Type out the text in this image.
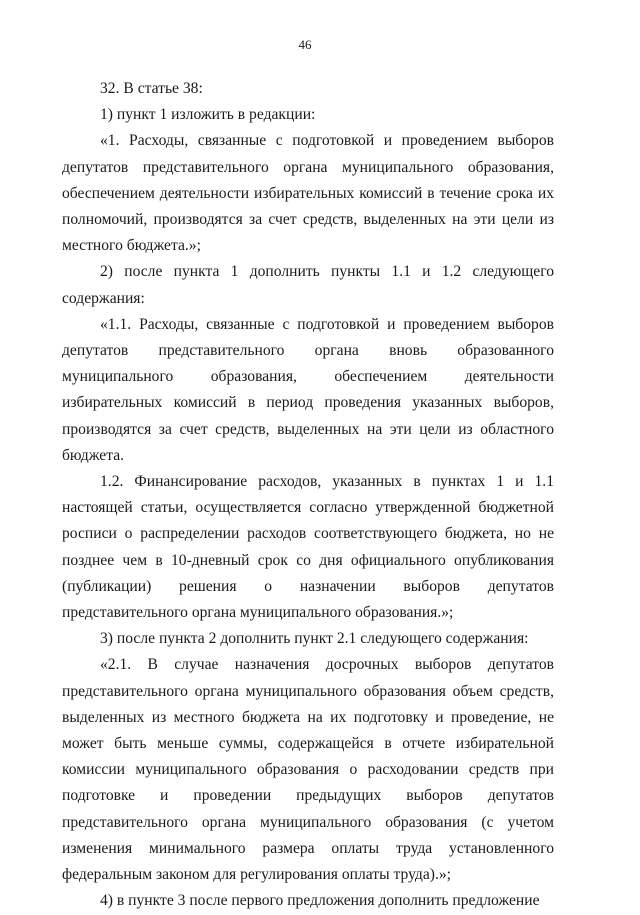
46

32. В статье 38:

1) пункт 1 изложить в редакции:

«1. Расходы, связанные с подготовкой и проведением выборов депутатов представительного органа муниципального образования, обеспечением деятельности избирательных комиссий в течение срока их полномочий, производятся за счет средств, выделенных на эти цели из местного бюджета.»;

2) после пункта 1 дополнить пункты 1.1 и 1.2 следующего содержания:

«1.1. Расходы, связанные с подготовкой и проведением выборов депутатов представительного органа вновь образованного муниципального образования, обеспечением деятельности избирательных комиссий в период проведения указанных выборов, производятся за счет средств, выделенных на эти цели из областного бюджета.

1.2. Финансирование расходов, указанных в пунктах 1 и 1.1 настоящей статьи, осуществляется согласно утвержденной бюджетной росписи о распределении расходов соответствующего бюджета, но не позднее чем в 10-дневный срок со дня официального опубликования (публикации) решения о назначении выборов депутатов представительного органа муниципального образования.»;

3) после пункта 2 дополнить пункт 2.1 следующего содержания:

«2.1. В случае назначения досрочных выборов депутатов представительного органа муниципального образования объем средств, выделенных из местного бюджета на их подготовку и проведение, не может быть меньше суммы, содержащейся в отчете избирательной комиссии муниципального образования о расходовании средств при подготовке и проведении предыдущих выборов депутатов представительного органа муниципального образования (с учетом изменения минимального размера оплаты труда установленного федеральным законом для регулирования оплаты труда).»;

4) в пункте 3 после первого предложения дополнить предложение
